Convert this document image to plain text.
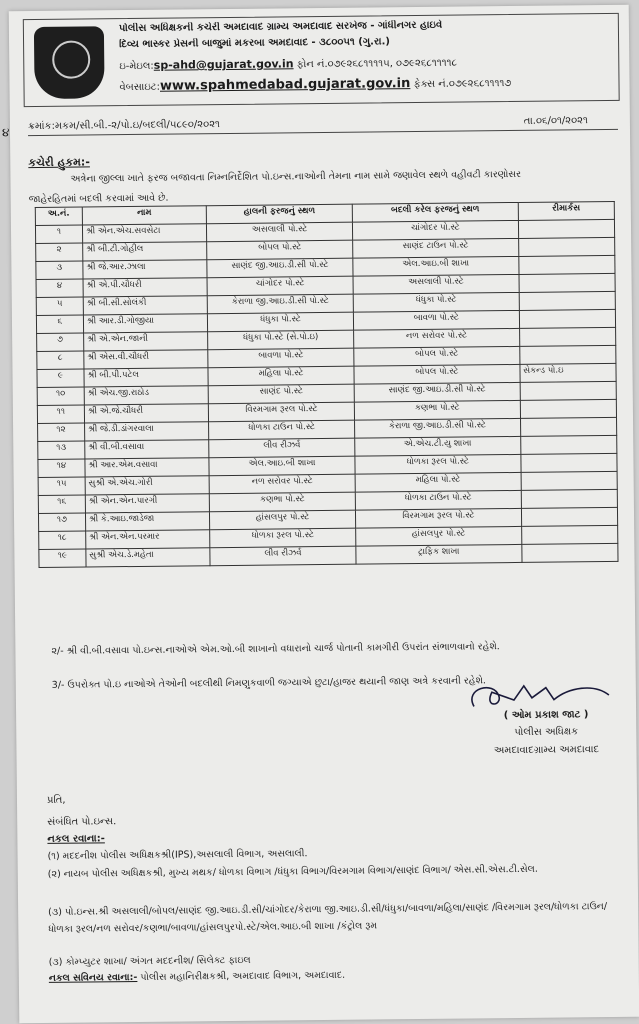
પોલીસ અધિક્ષકની કચેરી અમદાવાદ ગ્રામ્ય અમદાવાદ સરખેજ - ગાંધીનગર હાઇવે
દિવ્ય ભાસ્કર પ્રેસની બાજુમાં મકરબા અમદાવાદ - ૩૮૦૦૫૧ (ગુ.રા.)
ઇ-મેઇલ:sp-ahd@gujarat.gov.in ફોન નં.૦૭૯૨૬૮૧૧૧૧૫, ૦૭૯૨૬૮૧૧૧૧૮
વેબસાઇટ:www.spahmedabad.gujarat.gov.in ફેક્સ નં.૦૭૯૨૬૮૧૧૧૧૭
૪ ક્રમાંક:મકમ/સી.બી.-૨/પો.ઇ/બદલી/૫૮૯૦/૨૦૨૧	તા.૦૬/૦૧/૨૦૨૧
કચેરી હુકમ:-
અત્રેના જીલ્લા ખાતે ફરજ બજાવતા નિમ્નનિર્દેશિત પો.ઇન્સ.નાઓની તેમના નામ સામે જણાવેલ સ્થળે વહીવટી કારણોસર
જાહેરહિતમાં બદલી કરવામાં આવે છે.
અ.નં.	નામ	હાલની ફરજનું સ્થળ	બદલી કરેલ ફરજનું સ્થળ	રીમાર્કસ
૧	શ્રી એન.એચ.સવસેટા	અસલાલી પો.સ્ટે	ચાંગોદર પો.સ્ટે	
૨	શ્રી બી.ટી.ગોહીલ	બોપલ પો.સ્ટે	સાણંદ ટાઉન પો.સ્ટે	
૩	શ્રી જે.આર.ઝાલા	સાણંદ જી.આઇ.ડી.સી પો.સ્ટે	એલ.આઇ.બી શાખા	
૪	શ્રી એ.પી.ચૌધરી	ચાંગોદર પો.સ્ટે	અસલાલી પો.સ્ટે	
૫	શ્રી બી.સી.સોલંકી	કેરાળા જી.આઇ.ડી.સી પો.સ્ટે	ધંધુકા પો.સ્ટે	
૬	શ્રી આર.ડી.ગોજીયા	ધંધુકા પો.સ્ટે	બાવળા પો.સ્ટે	
૭	શ્રી એ.એન.જાની	ધંધુકા પો.સ્ટે (સે.પો.ઇ)	નળ સરોવર પો.સ્ટે	
૮	શ્રી એસ.વી.ચૌધરી	બાવળા પો.સ્ટે	બોપલ પો.સ્ટે	
૯	શ્રી બી.પી.પટેલ	મહિલા પો.સ્ટે	બોપલ પો.સ્ટે	સેકન્ડ પો.ઇ
૧૦	શ્રી એચ.જી.રાઠોડ	સાણંદ પો.સ્ટે	સાણંદ જી.આઇ.ડી.સી પો.સ્ટે	
૧૧	શ્રી એ.જે.ચૌધરી	વિરમગામ રૂરલ પો.સ્ટે	કણભા પો.સ્ટે	
૧૨	શ્રી જે.ડી.ડાંગરવાલા	ધોળકા ટાઉન પો.સ્ટે	કેરાળા જી.આઇ.ડી.સી પો.સ્ટે	
૧૩	શ્રી વી.બી.વસાવા	લીવ રીઝર્વ	એ.એચ.ટી.યુ શાખા	
૧૪	શ્રી આર.એમ.વસાવા	એલ.આઇ.બી શાખા	ધોળકા રૂરલ પો.સ્ટે	
૧૫	સુશ્રી એ.એચ.ગોરી	નળ સરોવર પો.સ્ટે	મહિલા પો.સ્ટે	
૧૬	શ્રી એન.એન.પારગી	કણભા પો.સ્ટે	ધોળકા ટાઉન પો.સ્ટે	
૧૭	શ્રી કે.આઇ.જાડેજા	હાંસલપુર પો.સ્ટે	વિરમગામ રૂરલ પો.સ્ટે	
૧૮	શ્રી એન.એન.પરમાર	ધોળકા રૂરલ પો.સ્ટે	હાંસલપુર પો.સ્ટે	
૧૯	સુશ્રી એચ.ડે.મહેતા	લીવ રીઝર્વ	ટ્રાફિક શાખા	
૨/- શ્રી વી.બી.વસાવા પો.ઇન્સ.નાઓએ એમ.ઓ.બી શાખાનો વધારાનો ચાર્જ પોતાની કામગીરી ઉપરાંત સંભાળવાનો રહેશે.
3/- ઉપરોક્ત પો.ઇ નાઓએ તેઓની બદલીથી નિમણુકવાળી જગ્યાએ છુટા/હાજર થયાની જાણ અત્રે કરવાની રહેશે.
( ઓમ પ્રકાશ જાટ )
પોલીસ અધિક્ષક
અમદાવાદગ્રામ્ય અમદાવાદ
પ્રતિ,
સંબંધિત પો.ઇન્સ.
નકલ રવાના:-
(૧) મદદનીશ પોલીસ અધિક્ષકશ્રી(IPS),અસલાલી વિભાગ, અસલાલી.
(૨) નાયબ પોલીસ અધિક્ષકશ્રી, મુખ્ય મથક/ ધોળકા વિભાગ /ધંધુકા વિભાગ/વિરમગામ વિભાગ/સાણંદ વિભાગ/ એસ.સી.એસ.ટી.સેલ.
(૩) પો.ઇન્સ.શ્રી અસલાલી/બોપલ/સાણંદ જી.આઇ.ડી.સી/ચાંગોદર/કેરાળા જી.આઇ.ડી.સી/ધંધુકા/બાવળા/મહિલા/સાણંદ /વિરમગામ રૂરલ/ધોળકા ટાઉન/ધોળકા રૂરલ/નળ સરોવર/કણભા/બાવળા/હાંસલપુરપો.સ્ટે/એલ.આઇ.બી શાખા /કંટ્રોલ રૂમ
(૩) કોમ્પ્યુટર શાખા/ અંગત મદદનીશ/ સિલેક્ટ ફાઇલ
નકલ સવિનય રવાના:- પોલીસ મહાનિરીક્ષકશ્રી, અમદાવાદ વિભાગ, અમદાવાદ.
